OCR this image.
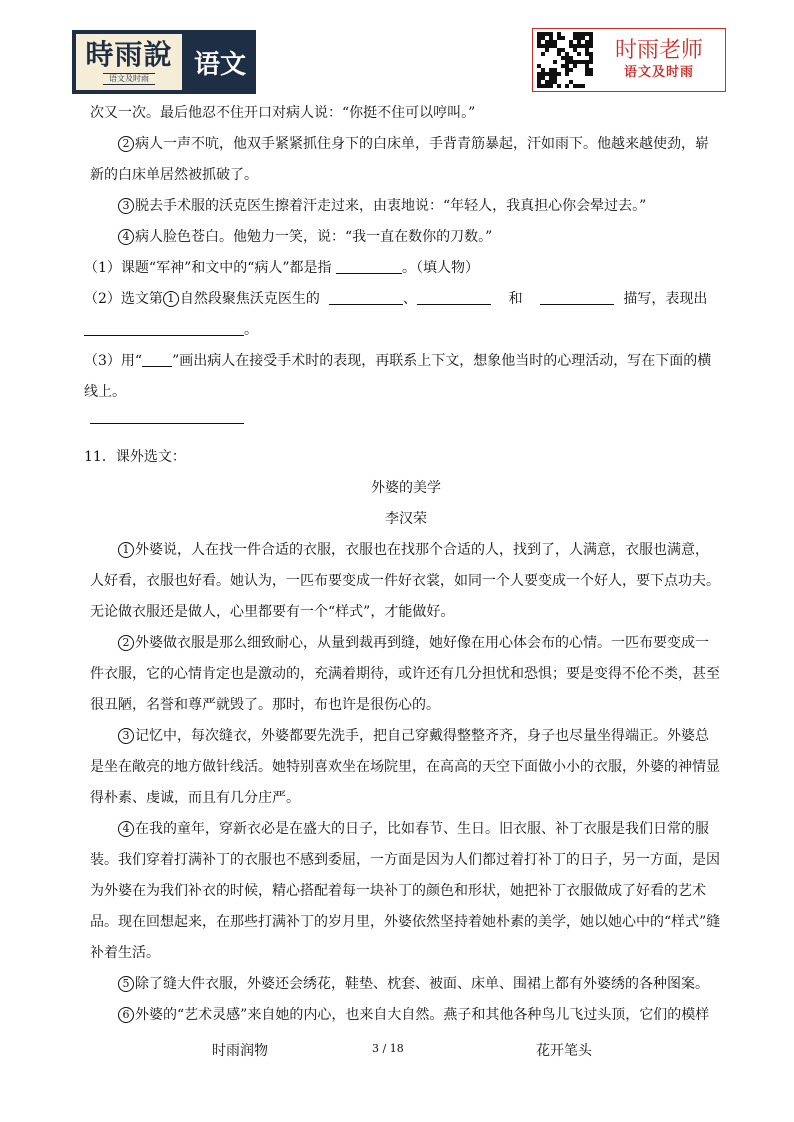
時雨說
语文及时雨	语文	时雨老师
语文及时雨

次又一次。最后他忍不住开口对病人说：“你挺不住可以哼叫。”

2 病人一声不吭，他双手紧紧抓住身下的白床单，手背青筋暴起，汗如雨下。他越来越使劲，崭新的白床单居然被抓破了。

3 脱去手术服的沃克医生擦着汗走过来，由衷地说：“年轻人，我真担心你会晕过去。”

4 病人脸色苍白。他勉力一笑，说：“我一直在数你的刀数。”

（1）课题“军神”和文中的“病人”都是指	。（填人物）

（2）选文第 1 自然段聚焦沃克医生的	、	和	描写，表现出。

（3）用“ ”画出病人在接受手术时的表现，再联系上下文，想象他当时的心理活动，写在下面的横线上。

11．课外选文：

外婆的美学

李汉荣

1 外婆说，人在找一件合适的衣服，衣服也在找那个合适的人，找到了，人满意，衣服也满意，人好看，衣服也好看。她认为，一匹布要变成一件好衣裳，如同一个人要变成一个好人，要下点功夫。无论做衣服还是做人，心里都要有一个“样式”，才能做好。

2 外婆做衣服是那么细致耐心，从量到裁再到缝，她好像在用心体会布的心情。一匹布要变成一件衣服，它的心情肯定也是激动的，充满着期待，或许还有几分担忧和恐惧；要是变得不伦不类，甚至很丑陋，名誉和尊严就毁了。那时，布也许是很伤心的。

3 记忆中，每次缝衣，外婆都要先洗手，把自己穿戴得整整齐齐，身子也尽量坐得端正。外婆总是坐在敞亮的地方做针线活。她特别喜欢坐在场院里，在高高的天空下面做小小的衣服，外婆的神情显得朴素、虔诚，而且有几分庄严。

4 在我的童年，穿新衣必是在盛大的日子，比如春节、生日。旧衣服、补丁衣服是我们日常的服装。我们穿着打满补丁的衣服也不感到委屈，一方面是因为人们都过着打补丁的日子，另一方面，是因为外婆在为我们补衣的时候，精心搭配着每一块补丁的颜色和形状，她把补丁衣服做成了好看的艺术品。现在回想起来，在那些打满补丁的岁月里，外婆依然坚持着她朴素的美学，她以她心中的“样式”缝补着生活。

5 除了缝大件衣服，外婆还会绣花，鞋垫、枕套、被面、床单、围裙上都有外婆绣的各种图案。

6 外婆的“艺术灵感”来自她的内心，也来自大自然。燕子和其他各种鸟儿飞过头顶，它们的模样

时雨润物	3 / 18	花开笔头
